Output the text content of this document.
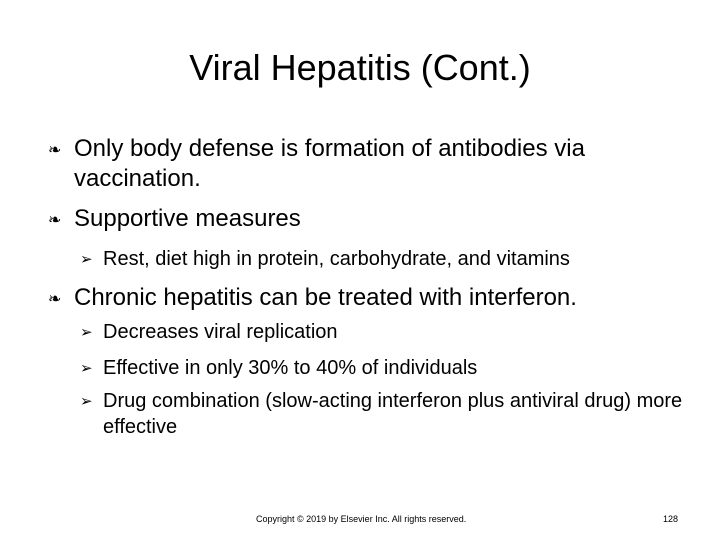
Viral Hepatitis (Cont.)
❧ Only body defense is formation of antibodies via vaccination.
❧ Supportive measures
➢ Rest, diet high in protein, carbohydrate, and vitamins
❧ Chronic hepatitis can be treated with interferon.
➢ Decreases viral replication
➢ Effective in only 30% to 40% of individuals
➢ Drug combination (slow-acting interferon plus antiviral drug) more effective
Copyright © 2019 by Elsevier Inc. All rights reserved.	128
